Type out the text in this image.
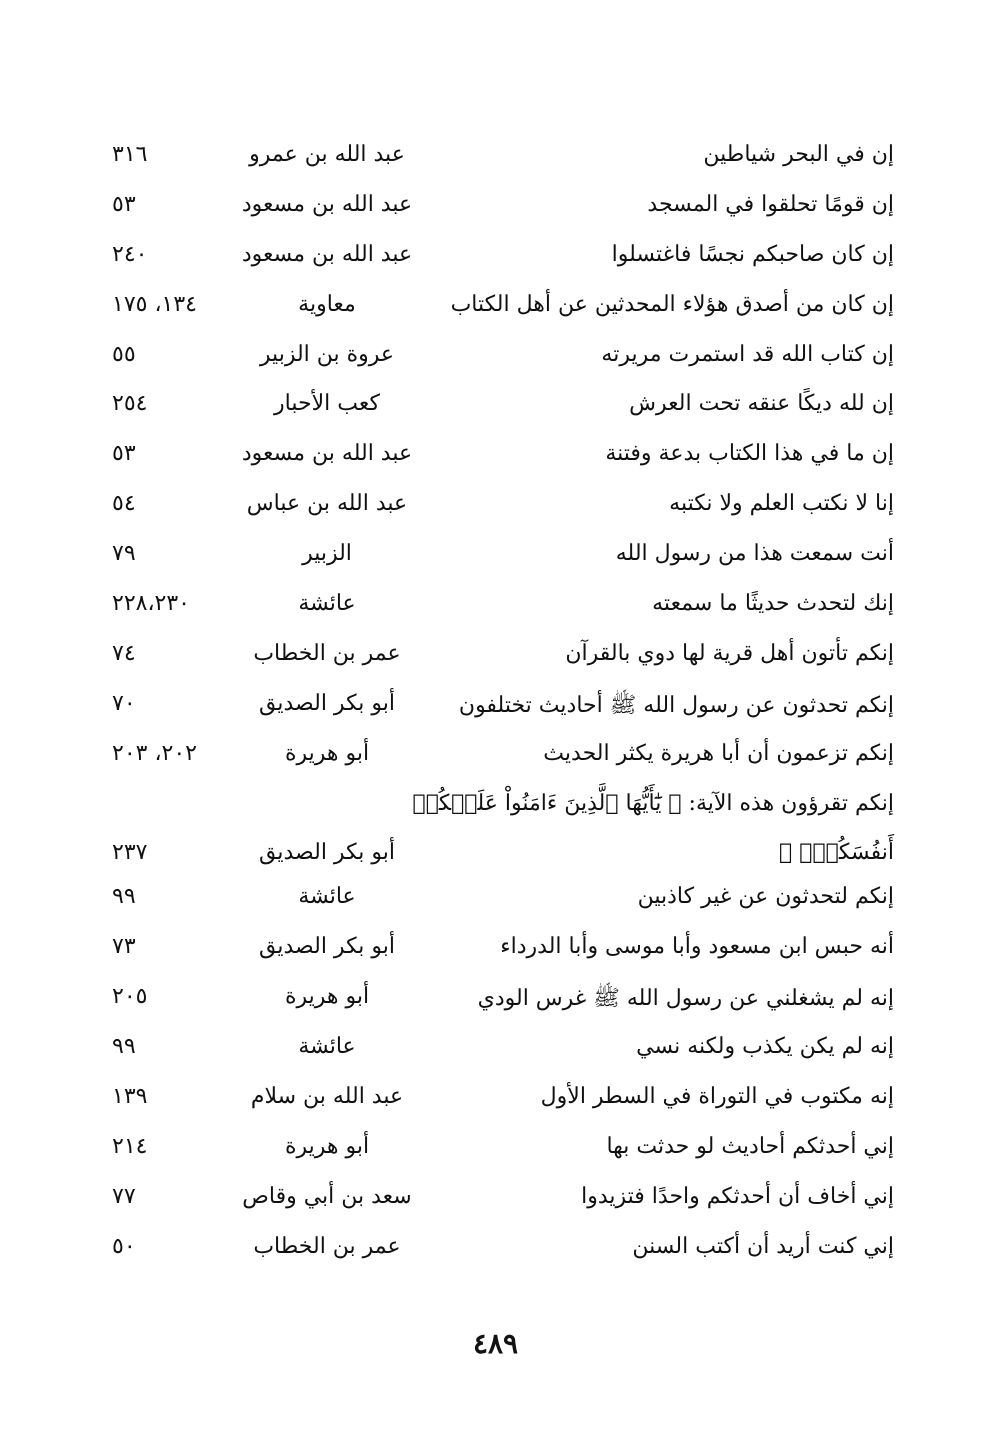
إن في البحر شياطين
عبد الله بن عمرو
٣١٦
إن قومًا تحلقوا في المسجد
عبد الله بن مسعود
٥٣
إن كان صاحبكم نجسًا فاغتسلوا
عبد الله بن مسعود
٢٤٠
إن كان من أصدق هؤلاء المحدثين عن أهل الكتاب
معاوية
١٣٤، ١٧٥
إن كتاب الله قد استمرت مريرته
عروة بن الزبير
٥٥
إن لله ديكًا عنقه تحت العرش
كعب الأحبار
٢٥٤
إن ما في هذا الكتاب بدعة وفتنة
عبد الله بن مسعود
٥٣
إنا لا نكتب العلم ولا نكتبه
عبد الله بن عباس
٥٤
أنت سمعت هذا من رسول الله
الزبير
٧٩
إنك لتحدث حديثًا ما سمعته
عائشة
٢٢٨،٢٣٠
إنكم تأتون أهل قرية لها دوي بالقرآن
عمر بن الخطاب
٧٤
إنكم تحدثون عن رسول الله ﷺ أحاديث تختلفون
أبو بكر الصديق
٧٠
إنكم تزعمون أن أبا هريرة يكثر الحديث
أبو هريرة
٢٠٢، ٢٠٣
إنكم تقرؤون هذه الآية: ﴿ يَٰٓأَيُّهَا ٱلَّذِينَ ءَامَنُواْ عَلَيۡكُمۡ
أَنفُسَكُمۡۖ ﴾
أبو بكر الصديق
٢٣٧
إنكم لتحدثون عن غير كاذبين
عائشة
٩٩
أنه حبس ابن مسعود وأبا موسى وأبا الدرداء
أبو بكر الصديق
٧٣
إنه لم يشغلني عن رسول الله ﷺ غرس الودي
أبو هريرة
٢٠٥
إنه لم يكن يكذب ولكنه نسي
عائشة
٩٩
إنه مكتوب في التوراة في السطر الأول
عبد الله بن سلام
١٣٩
إني أحدثكم أحاديث لو حدثت بها
أبو هريرة
٢١٤
إني أخاف أن أحدثكم واحدًا فتزيدوا
سعد بن أبي وقاص
٧٧
إني كنت أريد أن أكتب السنن
عمر بن الخطاب
٥٠
٤٨٩
